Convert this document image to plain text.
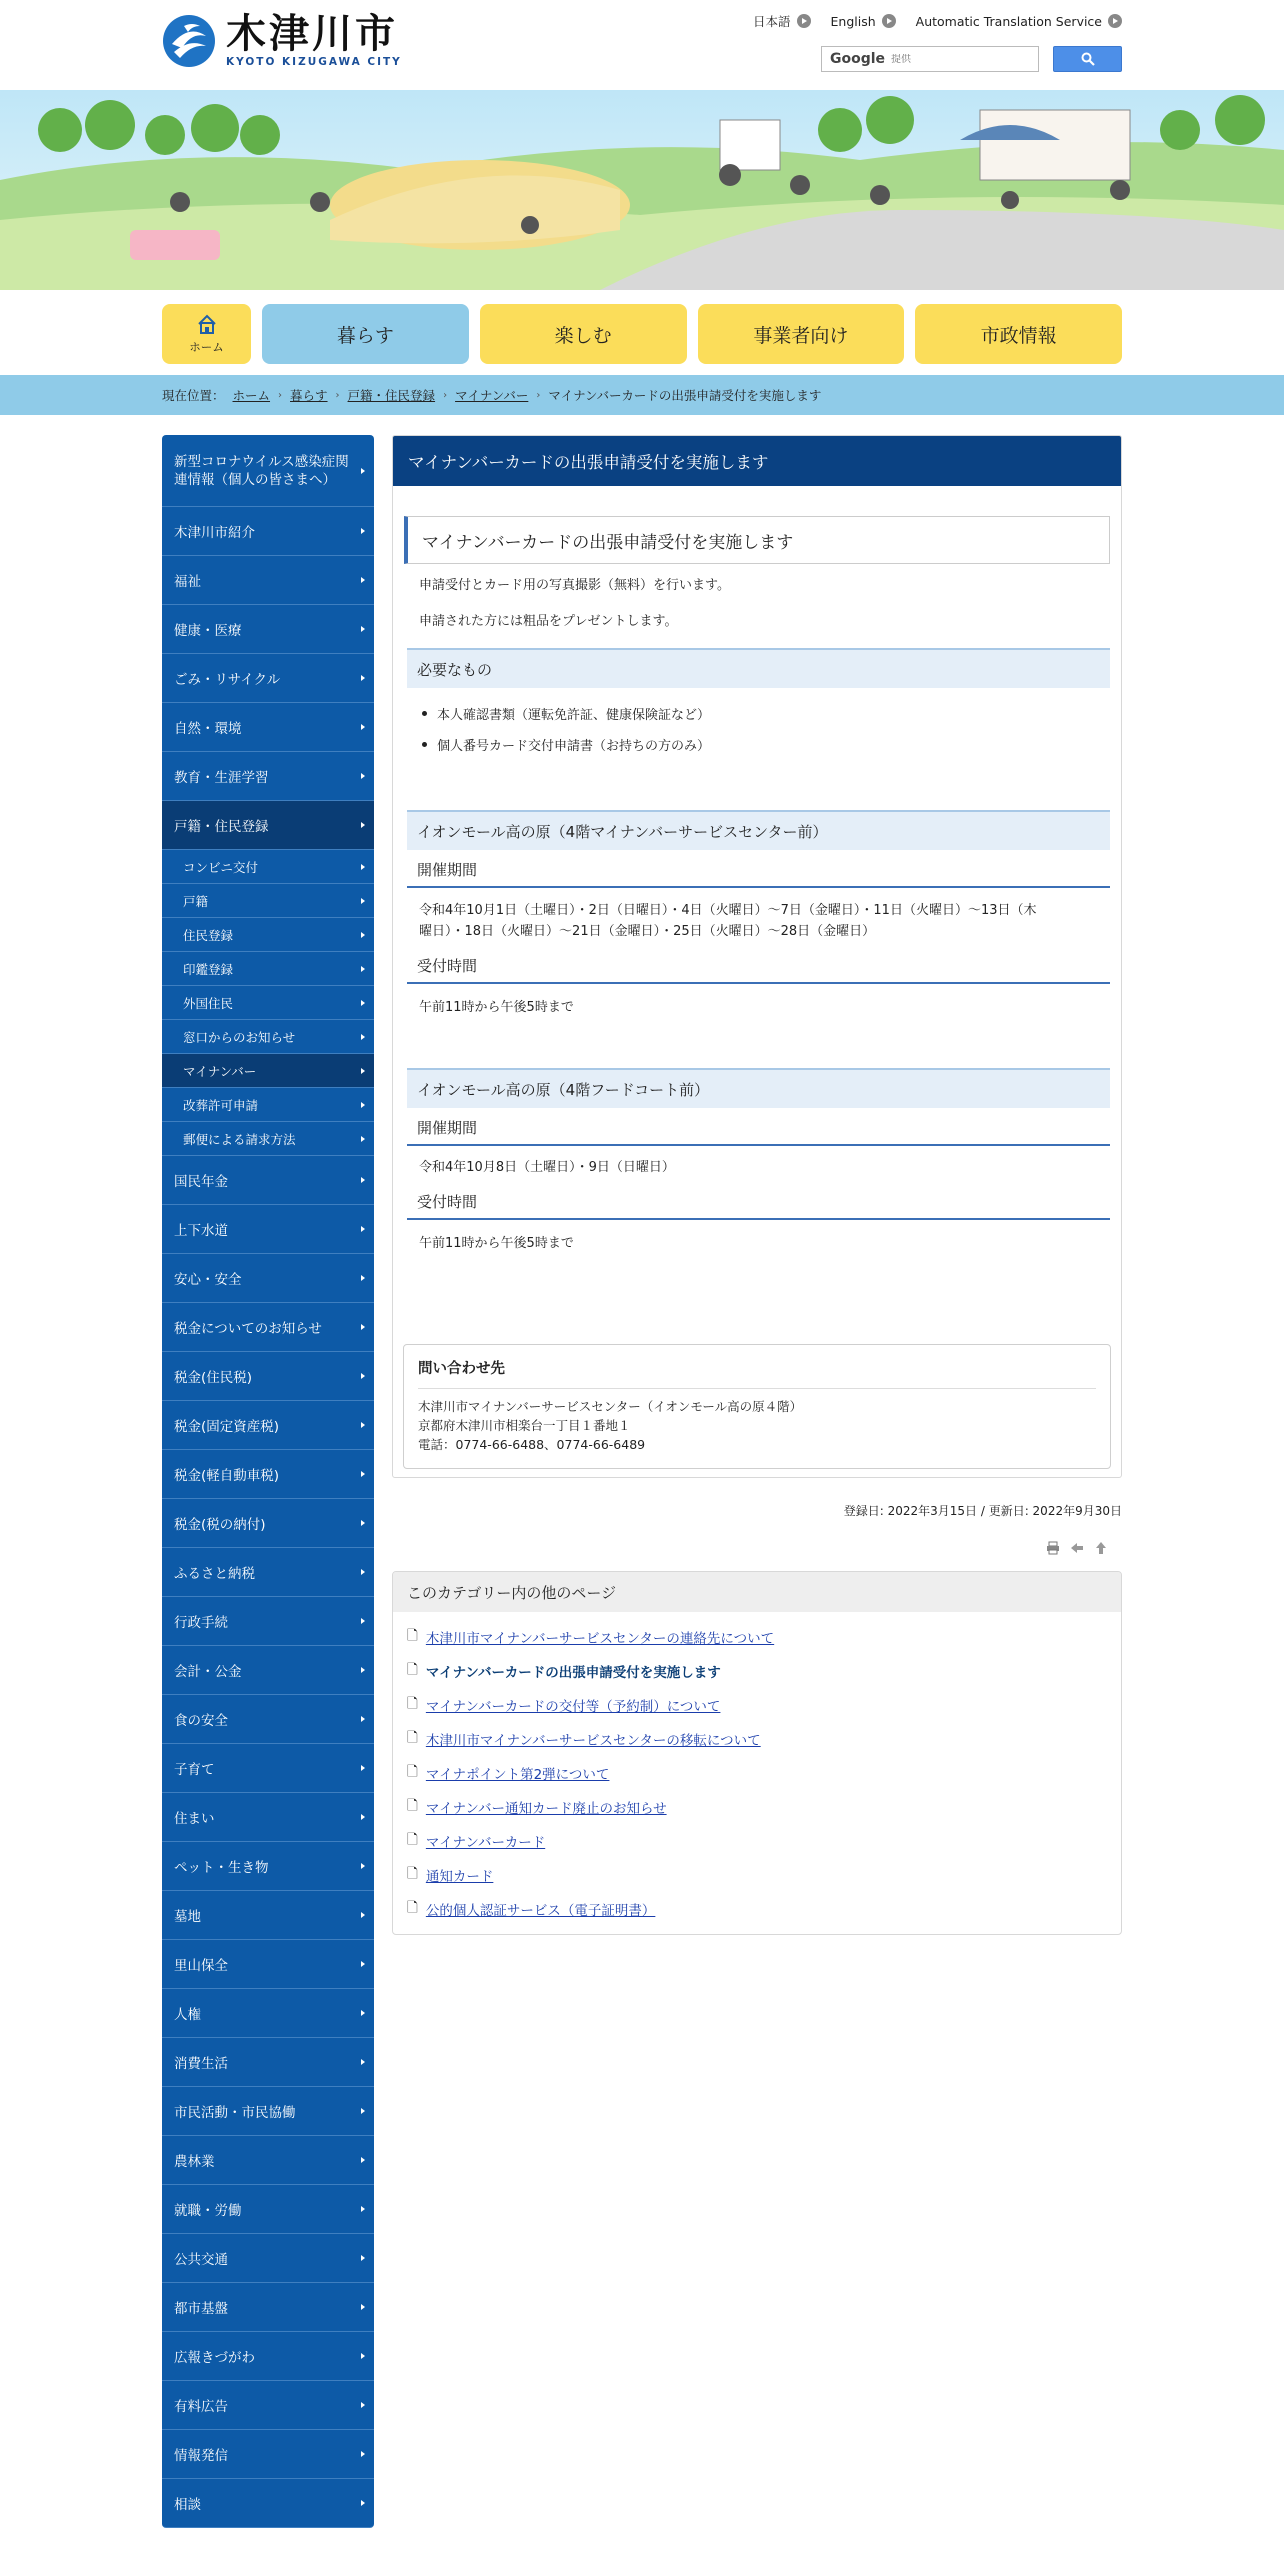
木津川市
KYOTO KIZUGAWA CITY
日本語	English	Automatic Translation Service
Google
提供
ホーム
暮らす	楽しむ	事業者向け	市政情報
現在位置： ホーム › 暮らす › 戸籍・住民登録 › マイナンバー › マイナンバーカードの出張申請受付を実施します
新型コロナウイルス感染症関連情報（個人の皆さまへ）
木津川市紹介
福祉
健康・医療
ごみ・リサイクル
自然・環境
教育・生涯学習
戸籍・住民登録
コンビニ交付
戸籍
住民登録
印鑑登録
外国住民
窓口からのお知らせ
マイナンバー
改葬許可申請
郵便による請求方法
国民年金
上下水道
安心・安全
税金についてのお知らせ
税金(住民税)
税金(固定資産税)
税金(軽自動車税)
税金(税の納付)
ふるさと納税
行政手続
会計・公金
食の安全
子育て
住まい
ペット・生き物
墓地
里山保全
人権
消費生活
市民活動・市民協働
農林業
就職・労働
公共交通
都市基盤
広報きづがわ
有料広告
情報発信
相談
マイナンバーカードの出張申請受付を実施します
マイナンバーカードの出張申請受付を実施します

申請受付とカード用の写真撮影（無料）を行います。

申請された方には粗品をプレゼントします。

必要なもの
本人確認書類（運転免許証、健康保険証など）
個人番号カード交付申請書（お持ちの方のみ）
イオンモール高の原（4階マイナンバーサービスセンター前）
開催期間

令和4年10月1日（土曜日）・2日（日曜日）・4日（火曜日）～7日（金曜日）・11日（火曜日）～13日（木
曜日）・18日（火曜日）～21日（金曜日）・25日（火曜日）～28日（金曜日）

受付時間

午前11時から午後5時まで

イオンモール高の原（4階フードコート前）
開催期間

令和4年10月8日（土曜日）・9日（日曜日）

受付時間

午前11時から午後5時まで

問い合わせ先
木津川市マイナンバーサービスセンター（イオンモール高の原４階）
京都府木津川市相楽台一丁目１番地１
電話：0774-66-6488、0774-66-6489
登録日: 2022年3月15日 / 更新日: 2022年9月30日
このカテゴリー内の他のページ
🗋 木津川市マイナンバーサービスセンターの連絡先について
🗋 マイナンバーカードの出張申請受付を実施します
🗋 マイナンバーカードの交付等（予約制）について
🗋 木津川市マイナンバーサービスセンターの移転について
🗋 マイナポイント第2弾について
🗋 マイナンバー通知カード廃止のお知らせ
🗋 マイナンバーカード
🗋 通知カード
🗋 公的個人認証サービス（電子証明書）
